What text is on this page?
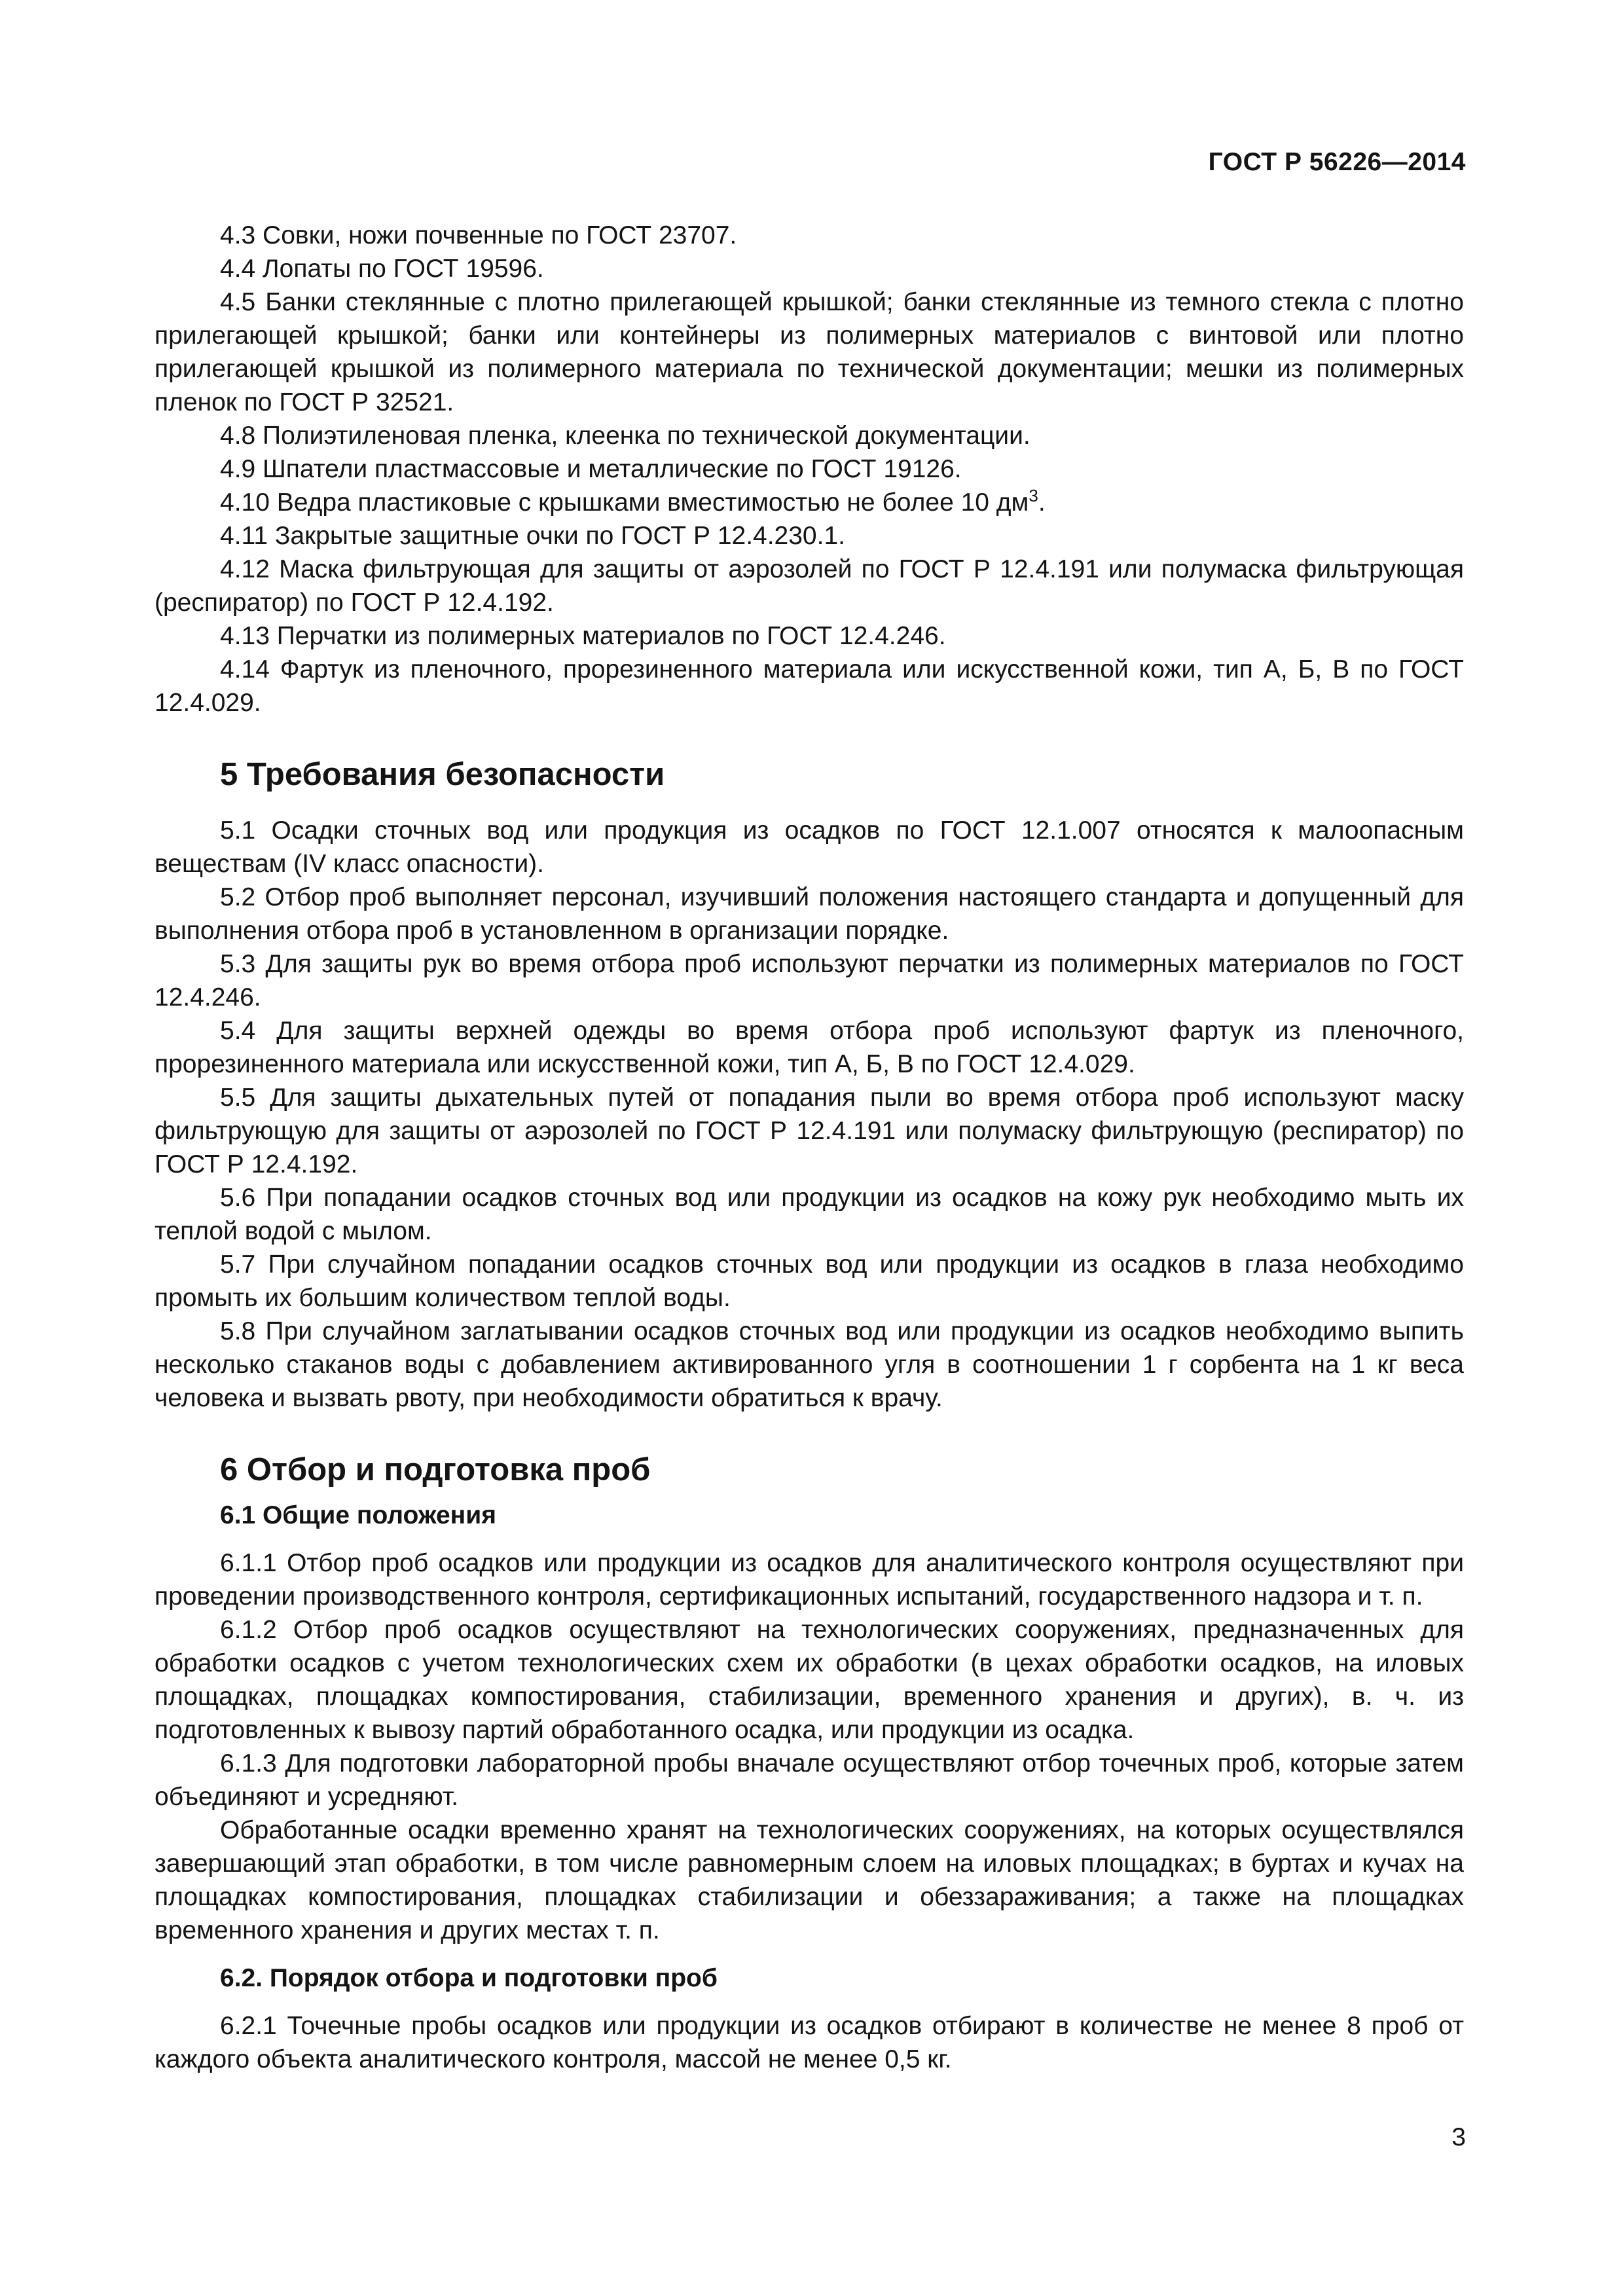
ГОСТ Р 56226—2014

4.3 Совки, ножи почвенные по ГОСТ 23707.

4.4 Лопаты по ГОСТ 19596.

4.5 Банки стеклянные с плотно прилегающей крышкой; банки стеклянные из темного стекла с плотно прилегающей крышкой; банки или контейнеры из полимерных материалов с винтовой или плотно прилегающей крышкой из полимерного материала по технической документации; мешки из полимерных пленок по ГОСТ Р 32521.

4.8 Полиэтиленовая пленка, клеенка по технической документации.

4.9 Шпатели пластмассовые и металлические по ГОСТ 19126.

4.10 Ведра пластиковые с крышками вместимостью не более 10 $дм^3$.

4.11 Закрытые защитные очки по ГОСТ Р 12.4.230.1.

4.12 Маска фильтрующая для защиты от аэрозолей по ГОСТ Р 12.4.191 или полумаска фильтрующая (респиратор) по ГОСТ Р 12.4.192.

4.13 Перчатки из полимерных материалов по ГОСТ 12.4.246.

4.14 Фартук из пленочного, прорезиненного материала или искусственной кожи, тип А, Б, В по ГОСТ 12.4.029.

5 Требования безопасности

5.1 Осадки сточных вод или продукция из осадков по ГОСТ 12.1.007 относятся к малоопасным веществам (IV класс опасности).

5.2 Отбор проб выполняет персонал, изучивший положения настоящего стандарта и допущенный для выполнения отбора проб в установленном в организации порядке.

5.3 Для защиты рук во время отбора проб используют перчатки из полимерных материалов по ГОСТ 12.4.246.

5.4 Для защиты верхней одежды во время отбора проб используют фартук из пленочного, прорезиненного материала или искусственной кожи, тип А, Б, В по ГОСТ 12.4.029.

5.5 Для защиты дыхательных путей от попадания пыли во время отбора проб используют маску фильтрующую для защиты от аэрозолей по ГОСТ Р 12.4.191 или полумаску фильтрующую (респиратор) по ГОСТ Р 12.4.192.

5.6 При попадании осадков сточных вод или продукции из осадков на кожу рук необходимо мыть их теплой водой с мылом.

5.7 При случайном попадании осадков сточных вод или продукции из осадков в глаза необходимо промыть их большим количеством теплой воды.

5.8 При случайном заглатывании осадков сточных вод или продукции из осадков необходимо выпить несколько стаканов воды с добавлением активированного угля в соотношении 1 г сорбента на 1 кг веса человека и вызвать рвоту, при необходимости обратиться к врачу.

6 Отбор и подготовка проб
6.1 Общие положения

6.1.1 Отбор проб осадков или продукции из осадков для аналитического контроля осуществляют при проведении производственного контроля, сертификационных испытаний, государственного надзора и т. п.

6.1.2 Отбор проб осадков осуществляют на технологических сооружениях, предназначенных для обработки осадков с учетом технологических схем их обработки (в цехах обработки осадков, на иловых площадках, площадках компостирования, стабилизации, временного хранения и других), в. ч. из подготовленных к вывозу партий обработанного осадка, или продукции из осадка.

6.1.3 Для подготовки лабораторной пробы вначале осуществляют отбор точечных проб, которые затем объединяют и усредняют.

Обработанные осадки временно хранят на технологических сооружениях, на которых осуществлялся завершающий этап обработки, в том числе равномерным слоем на иловых площадках; в буртах и кучах на площадках компостирования, площадках стабилизации и обеззараживания; а также на площадках временного хранения и других местах т. п.

6.2. Порядок отбора и подготовки проб

6.2.1 Точечные пробы осадков или продукции из осадков отбирают в количестве не менее 8 проб от каждого объекта аналитического контроля, массой не менее 0,5 кг.

3
